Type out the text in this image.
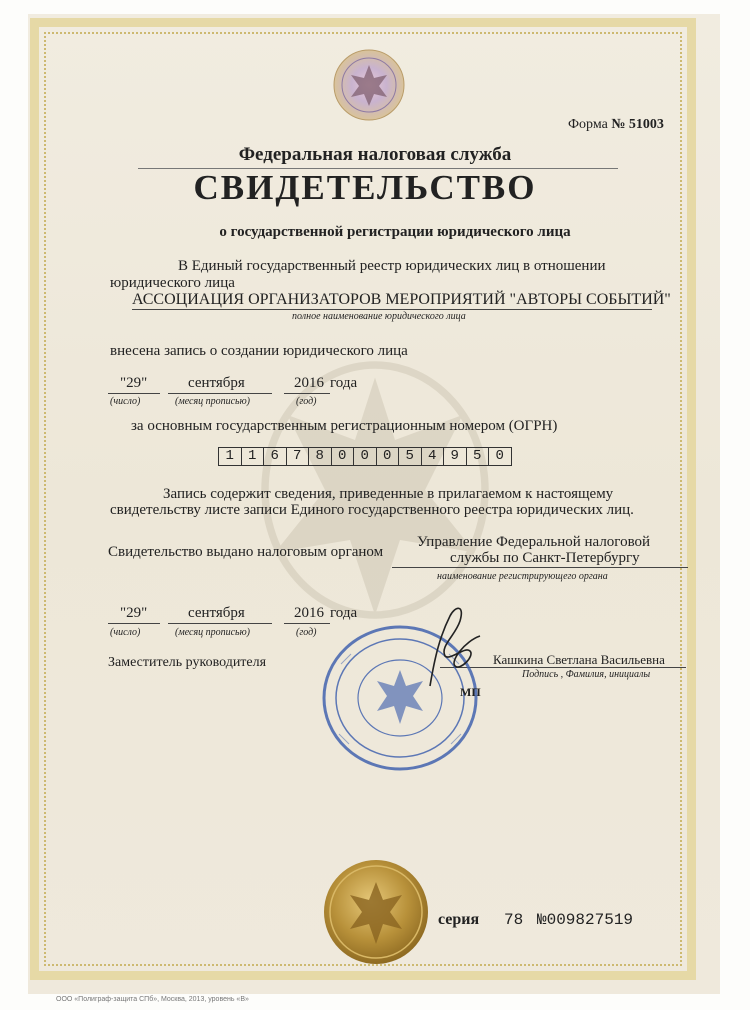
Форма № 51003
Федеральная налоговая служба
СВИДЕТЕЛЬСТВО
о государственной регистрации юридического лица
В Единый государственный реестр юридических лиц в отношении
юридического лица
АССОЦИАЦИЯ ОРГАНИЗАТОРОВ МЕРОПРИЯТИЙ "АВТОРЫ СОБЫТИЙ"
полное наименование юридического лица
внесена запись о создании юридического лица
"29"	сентября	2016 года
(число)	(месяц прописью)	(год)
за основным государственным регистрационным номером (ОГРН)
1	1	6	7	8	0	0	0	5	4	9	5	0
Запись содержит сведения, приведенные в прилагаемом к настоящему
свидетельству листе записи Единого государственного реестра юридических лиц.
Свидетельство выдано налоговым органом
Управление Федеральной налоговой
службы по Санкт-Петербургу
наименование регистрирующего органа
"29"	сентября	2016 года
(число)	(месяц прописью)	(год)
Заместитель руководителя	Кашкина Светлана Васильевна
Подпись , Фамилия, инициалы
МП
серия 78 №009827519
ООО «Полиграф-защита СПб», Москва, 2013, уровень «В»
